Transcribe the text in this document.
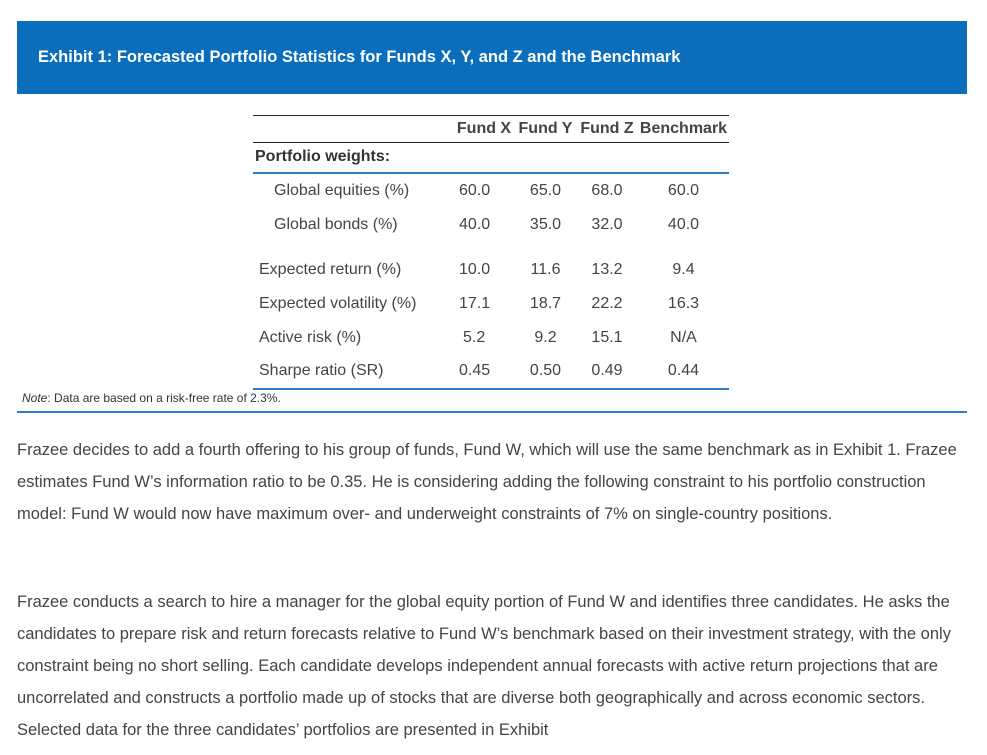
Exhibit 1: Forecasted Portfolio Statistics for Funds X, Y, and Z and the Benchmark
	Fund X	Fund Y	Fund Z	Benchmark
Portfolio weights:				
Global equities (%)	60.0	65.0	68.0	60.0
Global bonds (%)	40.0	35.0	32.0	40.0

Expected return (%)	10.0	11.6	13.2	9.4
Expected volatility (%)	17.1	18.7	22.2	16.3
Active risk (%)	5.2	9.2	15.1	N/A
Sharpe ratio (SR)	0.45	0.50	0.49	0.44
Note: Data are based on a risk-free rate of 2.3%.

Frazee decides to add a fourth offering to his group of funds, Fund W, which will use the same benchmark as in Exhibit 1. Frazee estimates Fund W’s information ratio to be 0.35. He is considering adding the following constraint to his portfolio construction model: Fund W would now have maximum over- and underweight constraints of 7% on single-country positions.

Frazee conducts a search to hire a manager for the global equity portion of Fund W and identifies three candidates. He asks the candidates to prepare risk and return forecasts relative to Fund W’s benchmark based on their investment strategy, with the only constraint being no short selling. Each candidate develops independent annual forecasts with active return projections that are uncorrelated and constructs a portfolio made up of stocks that are diverse both geographically and across economic sectors. Selected data for the three candidates’ portfolios are presented in Exhibit
